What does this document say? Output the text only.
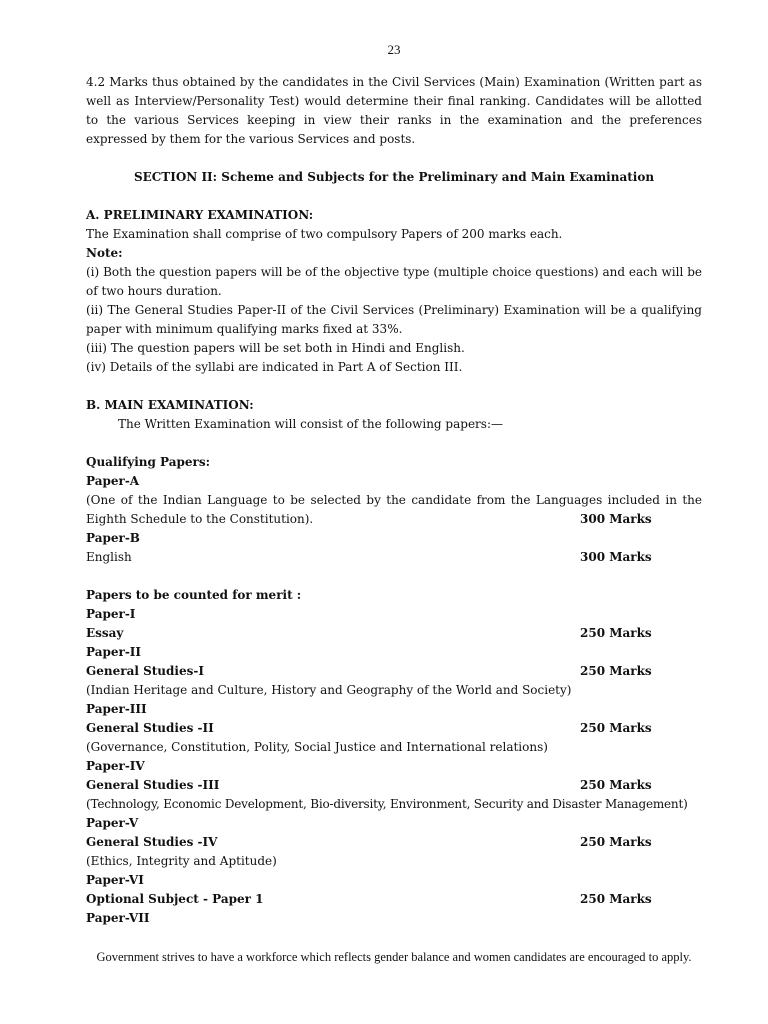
23
4.2 Marks thus obtained by the candidates in the Civil Services (Main) Examination (Written part as well as Interview/Personality Test) would determine their final ranking. Candidates will be allotted to the various Services keeping in view their ranks in the examination and the preferences expressed by them for the various Services and posts.
SECTION II: Scheme and Subjects for the Preliminary and Main Examination
A. PRELIMINARY EXAMINATION:
The Examination shall comprise of two compulsory Papers of 200 marks each.
Note:
(i) Both the question papers will be of the objective type (multiple choice questions) and each will be of two hours duration.
(ii) The General Studies Paper-II of the Civil Services (Preliminary) Examination will be a qualifying paper with minimum qualifying marks fixed at 33%.
(iii) The question papers will be set both in Hindi and English.
(iv) Details of the syllabi are indicated in Part A of Section III.
B. MAIN EXAMINATION:
The Written Examination will consist of the following papers:—
Qualifying Papers:
Paper-A
(One of the Indian Language to be selected by the candidate from the Languages included in the
Eighth Schedule to the Constitution).	300 Marks
Paper-B
English	300 Marks
Papers to be counted for merit :
Paper-I
Essay	250 Marks
Paper-II
General Studies-I	250 Marks
(Indian Heritage and Culture, History and Geography of the World and Society)
Paper-III
General Studies -II	250 Marks
(Governance, Constitution, Polity, Social Justice and International relations)
Paper-IV
General Studies -III	250 Marks
(Technology, Economic Development, Bio-diversity, Environment, Security and Disaster Management)
Paper-V
General Studies -IV	250 Marks
(Ethics, Integrity and Aptitude)
Paper-VI
Optional Subject - Paper 1	250 Marks
Paper-VII
Government strives to have a workforce which reflects gender balance and women candidates are encouraged to apply.
